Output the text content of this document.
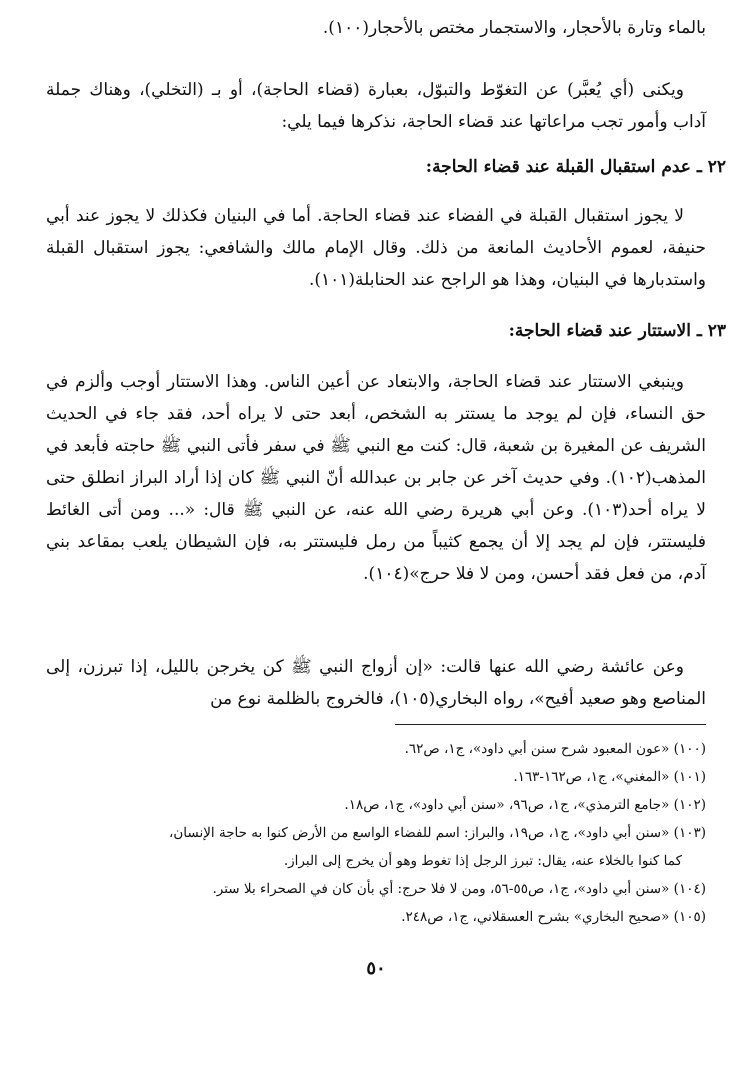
بالماء وتارة بالأحجار، والاستجمار مختص بالأحجار(١٠٠).
ويكنى (أي يُعبَّر) عن التغوّط والتبوّل، بعبارة (قضاء الحاجة)، أو بـ (التخلي)، وهناك جملة آداب وأمور تجب مراعاتها عند قضاء الحاجة، نذكرها فيما يلي:
٢٢ ـ عدم استقبال القبلة عند قضاء الحاجة:
لا يجوز استقبال القبلة في الفضاء عند قضاء الحاجة. أما في البنيان فكذلك لا يجوز عند أبي حنيفة، لعموم الأحاديث المانعة من ذلك. وقال الإمام مالك والشافعي: يجوز استقبال القبلة واستدبارها في البنيان، وهذا هو الراجح عند الحنابلة(١٠١).
٢٣ ـ الاستتار عند قضاء الحاجة:
وينبغي الاستتار عند قضاء الحاجة، والابتعاد عن أعين الناس. وهذا الاستتار أوجب وألزم في حق النساء، فإن لم يوجد ما يستتر به الشخص، أبعد حتى لا يراه أحد، فقد جاء في الحديث الشريف عن المغيرة بن شعبة، قال: كنت مع النبي ﷺ في سفر فأتى النبي ﷺ حاجته فأبعد في المذهب(١٠٢). وفي حديث آخر عن جابر بن عبدالله أنّ النبي ﷺ كان إذا أراد البراز انطلق حتى لا يراه أحد(١٠٣). وعن أبي هريرة رضي الله عنه، عن النبي ﷺ قال: «... ومن أتى الغائط فليستتر، فإن لم يجد إلا أن يجمع كثيباً من رمل فليستتر به، فإن الشيطان يلعب بمقاعد بني آدم، من فعل فقد أحسن، ومن لا فلا حرج»(١٠٤).
وعن عائشة رضي الله عنها قالت: «إن أزواج النبي ﷺ كن يخرجن بالليل، إذا تبرزن، إلى المناصع وهو صعيد أفيح»، رواه البخاري(١٠٥)، فالخروج بالظلمة نوع من
(١٠٠) «عون المعبود شرح سنن أبي داود»، ج١، ص٦٢.
(١٠١) «المغني»، ج١، ص١٦٢-١٦٣.
(١٠٢) «جامع الترمذي»، ج١، ص٩٦، «سنن أبي داود»، ج١، ص١٨.
(١٠٣) «سنن أبي داود»، ج١، ص١٩، والبراز: اسم للفضاء الواسع من الأرض كنوا به حاجة الإنسان،
كما كنوا بالخلاء عنه، يقال: تبرز الرجل إذا تغوط وهو أن يخرج إلى البراز.
(١٠٤) «سنن أبي داود»، ج١، ص٥٥-٥٦، ومن لا فلا حرج: أي بأن كان في الصحراء بلا ستر.
(١٠٥) «صحيح البخاري» بشرح العسقلاني، ج١، ص٢٤٨.
٥٠
